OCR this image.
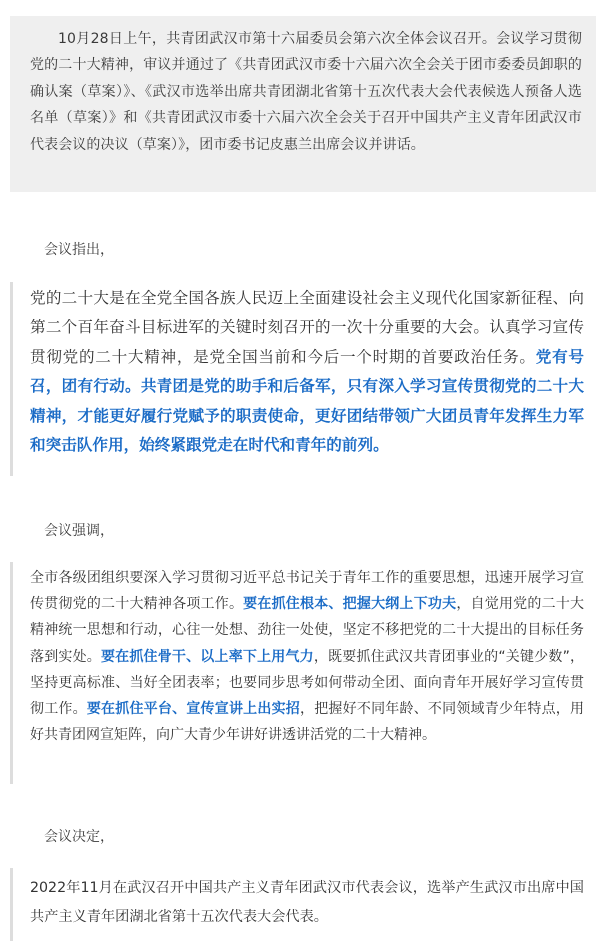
10月28日上午，共青团武汉市第十六届委员会第六次全体会议召开。会议学习贯彻党的二十大精神，审议并通过了《共青团武汉市委十六届六次全会关于团市委委员卸职的确认案（草案）》、《武汉市选举出席共青团湖北省第十五次代表大会代表候选人预备人选名单（草案）》和《共青团武汉市委十六届六次全会关于召开中国共产主义青年团武汉市代表会议的决议（草案）》，团市委书记皮惠兰出席会议并讲话。
会议指出，
党的二十大是在全党全国各族人民迈上全面建设社会主义现代化国家新征程、向第二个百年奋斗目标进军的关键时刻召开的一次十分重要的大会。认真学习宣传贯彻党的二十大精神，是党全国当前和今后一个时期的首要政治任务。党有号召，团有行动。共青团是党的助手和后备军，只有深入学习宣传贯彻党的二十大精神，才能更好履行党赋予的职责使命，更好团结带领广大团员青年发挥生力军和突击队作用，始终紧跟党走在时代和青年的前列。
会议强调，
全市各级团组织要深入学习贯彻习近平总书记关于青年工作的重要思想，迅速开展学习宣传贯彻党的二十大精神各项工作。要在抓住根本、把握大纲上下功夫，自觉用党的二十大精神统一思想和行动，心往一处想、劲往一处使，坚定不移把党的二十大提出的目标任务落到实处。要在抓住骨干、以上率下上用气力，既要抓住武汉共青团事业的“关键少数”，坚持更高标准、当好全团表率；也要同步思考如何带动全团、面向青年开展好学习宣传贯彻工作。要在抓住平台、宣传宣讲上出实招，把握好不同年龄、不同领域青少年特点，用好共青团网宣矩阵，向广大青少年讲好讲透讲活党的二十大精神。
会议决定，
2022年11月在武汉召开中国共产主义青年团武汉市代表会议，选举产生武汉市出席中国共产主义青年团湖北省第十五次代表大会代表。
